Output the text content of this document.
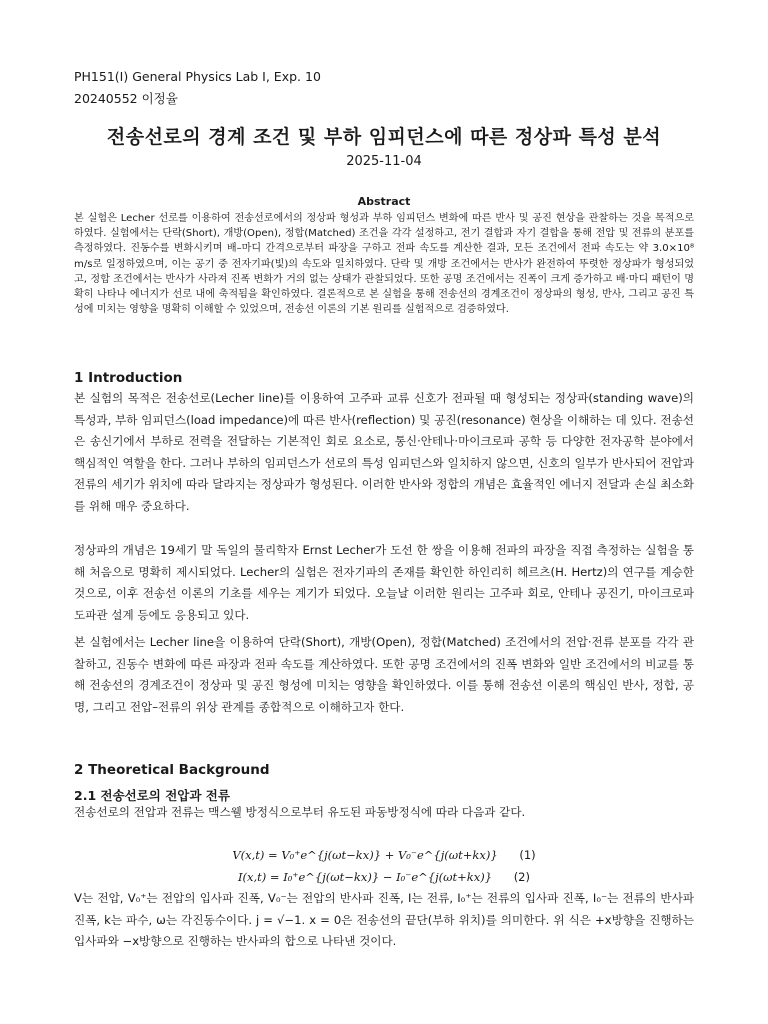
PH151(I) General Physics Lab I, Exp. 10
20240552 이정율
전송선로의 경계 조건 및 부하 임피던스에 따른 정상파 특성 분석
2025-11-04
Abstract
본 실험은 Lecher 선로를 이용하여 전송선로에서의 정상파 형성과 부하 임피던스 변화에 따른 반사 및 공진 현상을 관찰하는 것을 목적으로 하였다. 실험에서는 단락(Short), 개방(Open), 정합(Matched) 조건을 각각 설정하고, 전기 결합과 자기 결합을 통해 전압 및 전류의 분포를 측정하였다. 진동수를 변화시키며 배–마디 간격으로부터 파장을 구하고 전파 속도를 계산한 결과, 모든 조건에서 전파 속도는 약 3.0×10⁸ m/s로 일정하였으며, 이는 공기 중 전자기파(빛)의 속도와 일치하였다. 단락 및 개방 조건에서는 반사가 완전하여 뚜렷한 정상파가 형성되었고, 정합 조건에서는 반사가 사라져 진폭 변화가 거의 없는 상태가 관찰되었다. 또한 공명 조건에서는 진폭이 크게 증가하고 배·마디 패턴이 명확히 나타나 에너지가 선로 내에 축적됨을 확인하였다. 결론적으로 본 실험을 통해 전송선의 경계조건이 정상파의 형성, 반사, 그리고 공진 특성에 미치는 영향을 명확히 이해할 수 있었으며, 전송선 이론의 기본 원리를 실험적으로 검증하였다.
1 Introduction
본 실험의 목적은 전송선로(Lecher line)를 이용하여 고주파 교류 신호가 전파될 때 형성되는 정상파(standing wave)의 특성과, 부하 임피던스(load impedance)에 따른 반사(reflection) 및 공진(resonance) 현상을 이해하는 데 있다. 전송선은 송신기에서 부하로 전력을 전달하는 기본적인 회로 요소로, 통신·안테나·마이크로파 공학 등 다양한 전자공학 분야에서 핵심적인 역할을 한다. 그러나 부하의 임피던스가 선로의 특성 임피던스와 일치하지 않으면, 신호의 일부가 반사되어 전압과 전류의 세기가 위치에 따라 달라지는 정상파가 형성된다. 이러한 반사와 정합의 개념은 효율적인 에너지 전달과 손실 최소화를 위해 매우 중요하다.
정상파의 개념은 19세기 말 독일의 물리학자 Ernst Lecher가 도선 한 쌍을 이용해 전파의 파장을 직접 측정하는 실험을 통해 처음으로 명확히 제시되었다. Lecher의 실험은 전자기파의 존재를 확인한 하인리히 헤르츠(H. Hertz)의 연구를 계승한 것으로, 이후 전송선 이론의 기초를 세우는 계기가 되었다. 오늘날 이러한 원리는 고주파 회로, 안테나 공진기, 마이크로파 도파관 설계 등에도 응용되고 있다.
본 실험에서는 Lecher line을 이용하여 단락(Short), 개방(Open), 정합(Matched) 조건에서의 전압·전류 분포를 각각 관찰하고, 진동수 변화에 따른 파장과 전파 속도를 계산하였다. 또한 공명 조건에서의 진폭 변화와 일반 조건에서의 비교를 통해 전송선의 경계조건이 정상파 및 공진 형성에 미치는 영향을 확인하였다. 이를 통해 전송선 이론의 핵심인 반사, 정합, 공명, 그리고 전압–전류의 위상 관계를 종합적으로 이해하고자 한다.
2 Theoretical Background
2.1 전송선로의 전압과 전류
전송선로의 전압과 전류는 맥스웰 방정식으로부터 유도된 파동방정식에 따라 다음과 같다.
V(x,t) = V₀⁺e^{j(ωt−kx)} + V₀⁻e^{j(ωt+kx)} (1)
I(x,t) = I₀⁺e^{j(ωt−kx)} − I₀⁻e^{j(ωt+kx)} (2)
V는 전압, V₀⁺는 전압의 입사파 진폭, V₀⁻는 전압의 반사파 진폭, I는 전류, I₀⁺는 전류의 입사파 진폭, I₀⁻는 전류의 반사파 진폭, k는 파수, ω는 각진동수이다. j = √−1. x = 0은 전송선의 끝단(부하 위치)를 의미한다. 위 식은 +x방향을 진행하는 입사파와 −x방향으로 진행하는 반사파의 합으로 나타낸 것이다.
